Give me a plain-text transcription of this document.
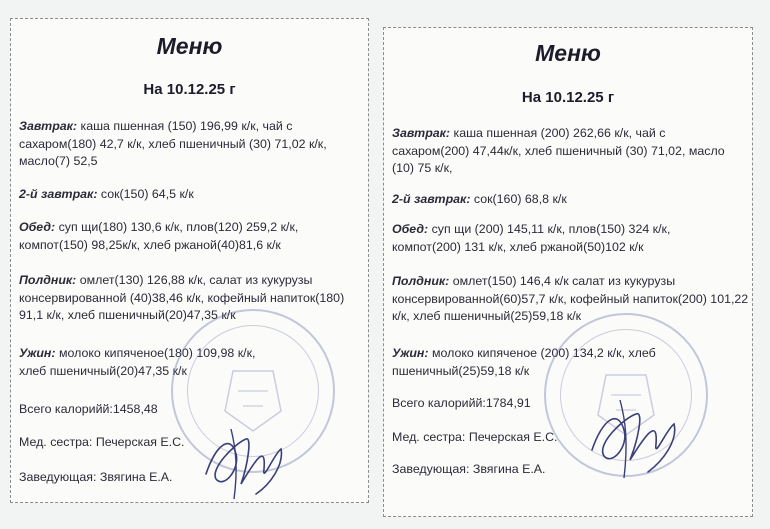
Меню
На 10.12.25 г
Завтрак: каша пшенная (150) 196,99 к/к, чай с сахаром(180) 42,7 к/к, хлеб пшеничный (30) 71,02 к/к, масло(7) 52,5
2-й завтрак: сок(150) 64,5 к/к
Обед: суп щи(180) 130,6 к/к, плов(120) 259,2 к/к, компот(150) 98,25к/к, хлеб ржаной(40)81,6 к/к
Полдник: омлет(130) 126,88 к/к, салат из кукурузы консервированной (40)38,46 к/к, кофейный напиток(180) 91,1 к/к, хлеб пшеничный(20)47,35 к/к
Ужин: молоко кипяченое(180) 109,98 к/к, хлеб пшеничный(20)47,35 к/к
Всего калорийй:1458,48
Мед. сестра: Печерская Е.С.
Заведующая: Звягина Е.А.
Меню
На 10.12.25 г
Завтрак: каша пшенная (200) 262,66 к/к, чай с сахаром(200) 47,44к/к, хлеб пшеничный (30) 71,02, масло (10) 75 к/к,
2-й завтрак: сок(160) 68,8 к/к
Обед: суп щи (200) 145,11 к/к, плов(150) 324 к/к, компот(200) 131 к/к, хлеб ржаной(50)102 к/к
Полдник: омлет(150) 146,4 к/к салат из кукурузы консервированной(60)57,7 к/к, кофейный напиток(200) 101,22 к/к, хлеб пшеничный(25)59,18 к/к
Ужин: молоко кипяченое (200) 134,2 к/к, хлеб пшеничный(25)59,18 к/к
Всего калорийй:1784,91
Мед. сестра: Печерская Е.С.
Заведующая: Звягина Е.А.
